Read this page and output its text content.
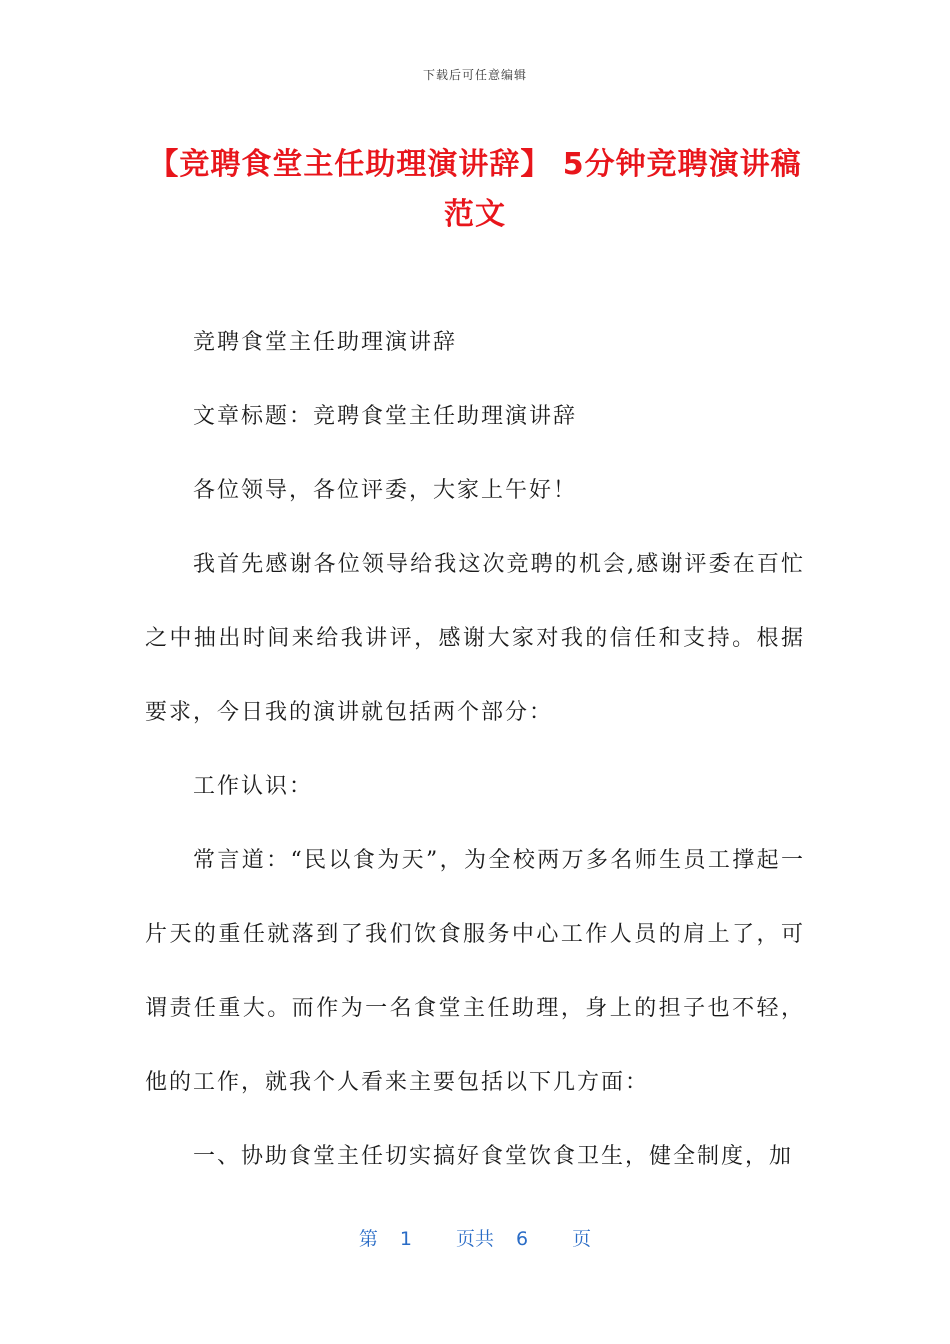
下载后可任意编辑
【竞聘食堂主任助理演讲辞】 5分钟竞聘演讲稿范文

竞聘食堂主任助理演讲辞

文章标题：竞聘食堂主任助理演讲辞

各位领导，各位评委，大家上午好！

我首先感谢各位领导给我这次竞聘的机会,感谢评委在百忙之中抽出时间来给我讲评，感谢大家对我的信任和支持。根据要求，今日我的演讲就包括两个部分：

工作认识：

常言道：“民以食为天”，为全校两万多名师生员工撑起一片天的重任就落到了我们饮食服务中心工作人员的肩上了，可谓责任重大。而作为一名食堂主任助理，身上的担子也不轻，他的工作，就我个人看来主要包括以下几方面：

一、协助食堂主任切实搞好食堂饮食卫生，健全制度，加

第 1 页共 6 页
